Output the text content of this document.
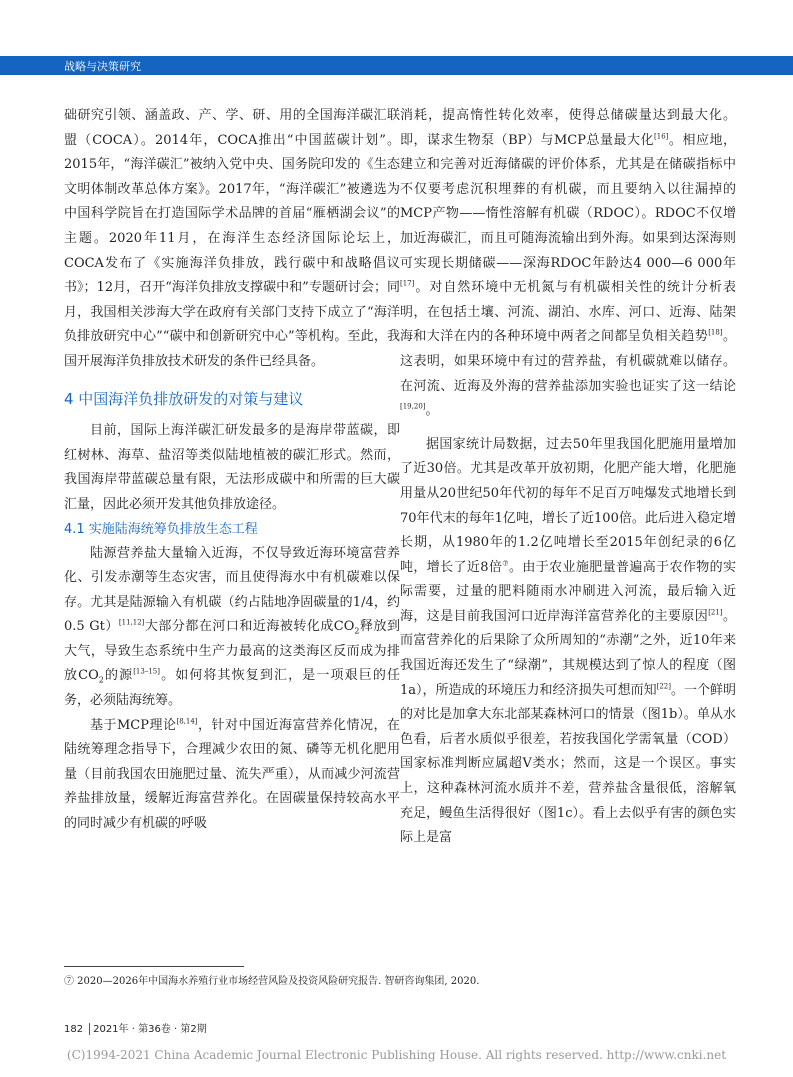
战略与决策研究

础研究引领、涵盖政、产、学、研、用的全国海洋碳汇联盟（COCA）。2014年，COCA推出“中国蓝碳计划”。2015年，“海洋碳汇”被纳入党中央、国务院印发的《生态文明体制改革总体方案》。2017年，“海洋碳汇”被遴选为中国科学院旨在打造国际学术品牌的首届“雁栖湖会议”的主题。2020年11月，在海洋生态经济国际论坛上，COCA发布了《实施海洋负排放，践行碳中和战略倡议书》；12月，召开“海洋负排放支撑碳中和”专题研讨会；同月，我国相关涉海大学在政府有关部门支持下成立了“海洋负排放研究中心”“碳中和创新研究中心”等机构。至此，我国开展海洋负排放技术研发的条件已经具备。

4 中国海洋负排放研发的对策与建议

目前，国际上海洋碳汇研发最多的是海岸带蓝碳，即红树林、海草、盐沼等类似陆地植被的碳汇形式。然而，我国海岸带蓝碳总量有限，无法形成碳中和所需的巨大碳汇量，因此必须开发其他负排放途径。

4.1 实施陆海统筹负排放生态工程

陆源营养盐大量输入近海，不仅导致近海环境富营养化、引发赤潮等生态灾害，而且使得海水中有机碳难以保存。尤其是陆源输入有机碳（约占陆地净固碳量的1/4，约0.5 Gt）[11,12]大部分都在河口和近海被转化成$CO_2$释放到大气，导致生态系统中生产力最高的这类海区反而成为排放$CO_2$的源[13–15]。如何将其恢复到汇，是一项艰巨的任务，必须陆海统筹。

基于MCP理论[8,14]，针对中国近海富营养化情况，在陆统筹理念指导下，合理减少农田的氮、磷等无机化肥用量（目前我国农田施肥过量、流失严重），从而减少河流营养盐排放量，缓解近海富营养化。在固碳量保持较高水平的同时减少有机碳的呼吸

消耗，提高惰性转化效率，使得总储碳量达到最大化。即，谋求生物泵（BP）与MCP总量最大化[16]。相应地，建立和完善对近海储碳的评价体系，尤其是在储碳指标中不仅要考虑沉积埋葬的有机碳，而且要纳入以往漏掉的MCP产物——惰性溶解有机碳（RDOC）。RDOC不仅增加近海碳汇，而且可随海流输出到外海。如果到达深海则可实现长期储碳——深海RDOC年龄达4 000—6 000年[17]。对自然环境中无机氮与有机碳相关性的统计分析表明，在包括土壤、河流、湖泊、水库、河口、近海、陆架海和大洋在内的各种环境中两者之间都呈负相关趋势[18]。这表明，如果环境中有过的营养盐，有机碳就难以储存。在河流、近海及外海的营养盐添加实验也证实了这一结论[19,20]。

据国家统计局数据，过去50年里我国化肥施用量増加了近30倍。尤其是改革开放初期，化肥产能大增，化肥施用量从20世纪50年代初的每年不足百万吨爆发式地增长到70年代末的每年1亿吨，增长了近100倍。此后进入稳定增长期，从1980年的1.2亿吨增长至2015年创纪录的6亿吨，增长了近8倍⑦。由于农业施肥量普遍高于农作物的实际需要，过量的肥料随雨水冲刷进入河流，最后输入近海，这是目前我国河口近岸海洋富营养化的主要原因[21]。而富营养化的后果除了众所周知的“赤潮”之外，近10年来我国近海还发生了“绿潮”，其规模达到了惊人的程度（图1a），所造成的环境压力和经济损失可想而知[22]。一个鲜明的对比是加拿大东北部某森林河口的情景（图1b）。单从水色看，后者水质似乎很差，若按我国化学需氧量（COD）国家标准判断应属超Ⅴ类水；然而，这是一个误区。事实上，这种森林河流水质并不差，营养盐含量很低，溶解氧充足，鳗鱼生活得很好（图1c）。看上去似乎有害的颜色实际上是富

⑦ 2020—2026年中国海水养殖行业市场经营风险及投资风险研究报告. 智研咨询集团, 2020.
182 2021年 · 第36卷 · 第2期
(C)1994-2021 China Academic Journal Electronic Publishing House. All rights reserved. http://www.cnki.net
